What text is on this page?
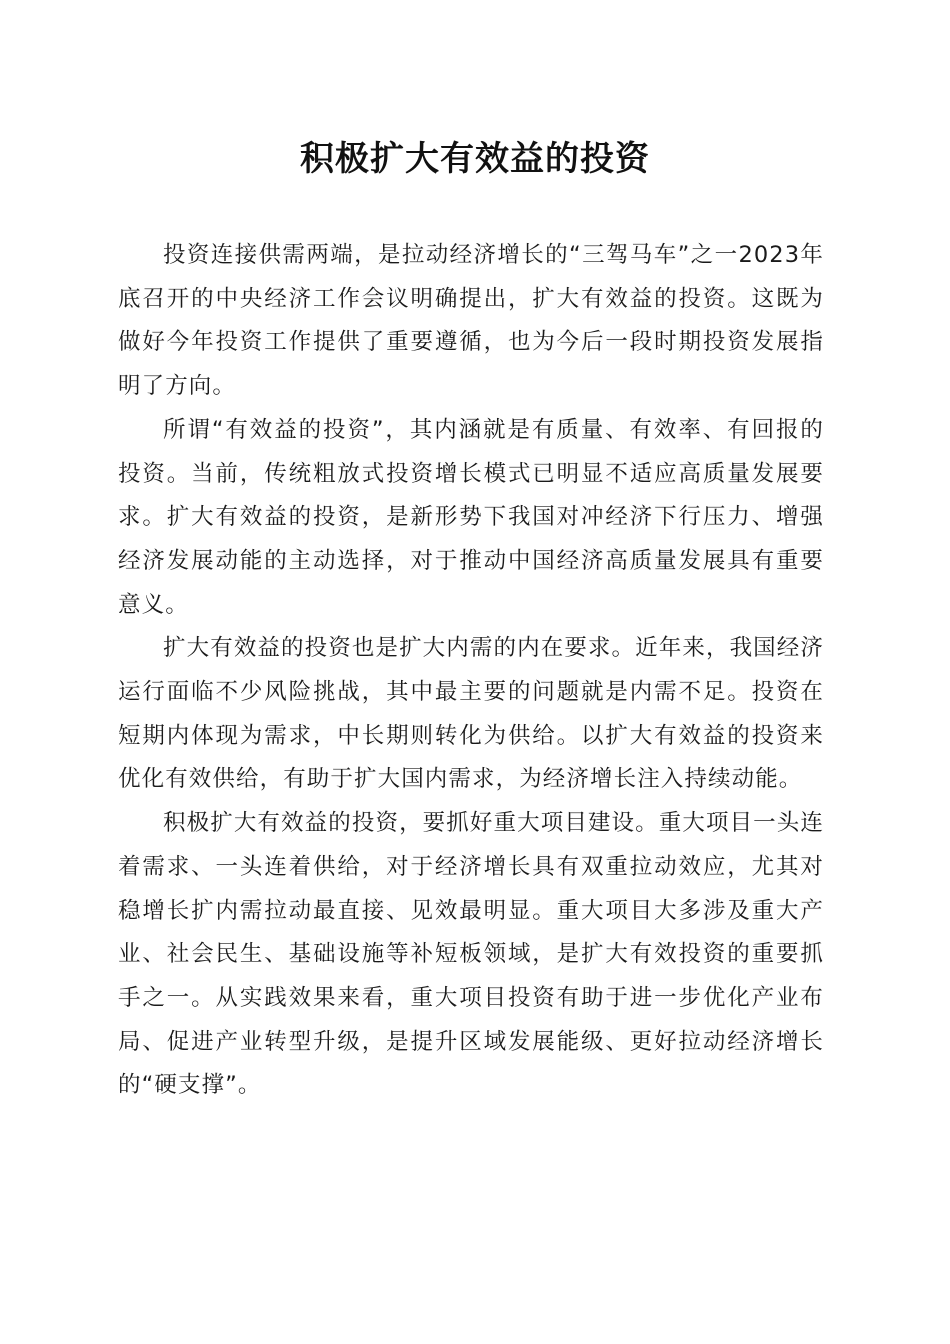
积极扩大有效益的投资

投资连接供需两端，是拉动经济增长的“三驾马车”之一2023年底召开的中央经济工作会议明确提出，扩大有效益的投资。这既为做好今年投资工作提供了重要遵循，也为今后一段时期投资发展指明了方向。

所谓“有效益的投资”，其内涵就是有质量、有效率、有回报的投资。当前，传统粗放式投资增长模式已明显不适应高质量发展要求。扩大有效益的投资，是新形势下我国对冲经济下行压力、增强经济发展动能的主动选择，对于推动中国经济高质量发展具有重要意义。

扩大有效益的投资也是扩大内需的内在要求。近年来，我国经济运行面临不少风险挑战，其中最主要的问题就是内需不足。投资在短期内体现为需求，中长期则转化为供给。以扩大有效益的投资来优化有效供给，有助于扩大国内需求，为经济增长注入持续动能。

积极扩大有效益的投资，要抓好重大项目建设。重大项目一头连着需求、一头连着供给，对于经济增长具有双重拉动效应，尤其对稳增长扩内需拉动最直接、见效最明显。重大项目大多涉及重大产业、社会民生、基础设施等补短板领域，是扩大有效投资的重要抓手之一。从实践效果来看，重大项目投资有助于进一步优化产业布局、促进产业转型升级，是提升区域发展能级、更好拉动经济增长的“硬支撑”。
